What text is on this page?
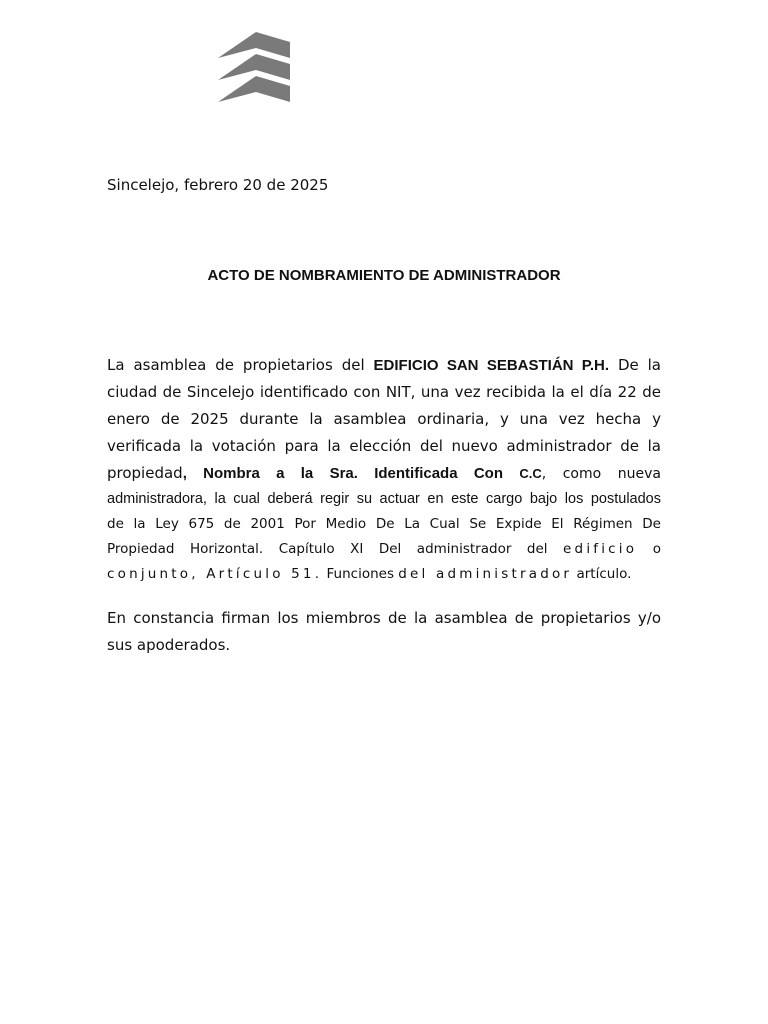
Sincelejo, febrero 20 de 2025
ACTO DE NOMBRAMIENTO DE ADMINISTRADOR
La asamblea de propietarios del EDIFICIO SAN SEBASTIÁN P.H. De la
ciudad de Sincelejo identificado con NIT, una vez recibida la el día 22 de
enero de 2025 durante la asamblea ordinaria, y una vez hecha y
verificada la votación para la elección del nuevo administrador de la
propiedad, Nombra a la Sra. Identificada Con C.C, como nueva
administradora, la cual deberá regir su actuar en este cargo bajo los postulados
de la Ley 675 de 2001 Por Medio De La Cual Se Expide El Régimen De
Propiedad Horizontal. Capítulo XI Del administrador del edificio o
conjunto, Artículo 51. Funciones del administrador artículo.
En constancia firman los miembros de la asamblea de propietarios y/o
sus apoderados.
